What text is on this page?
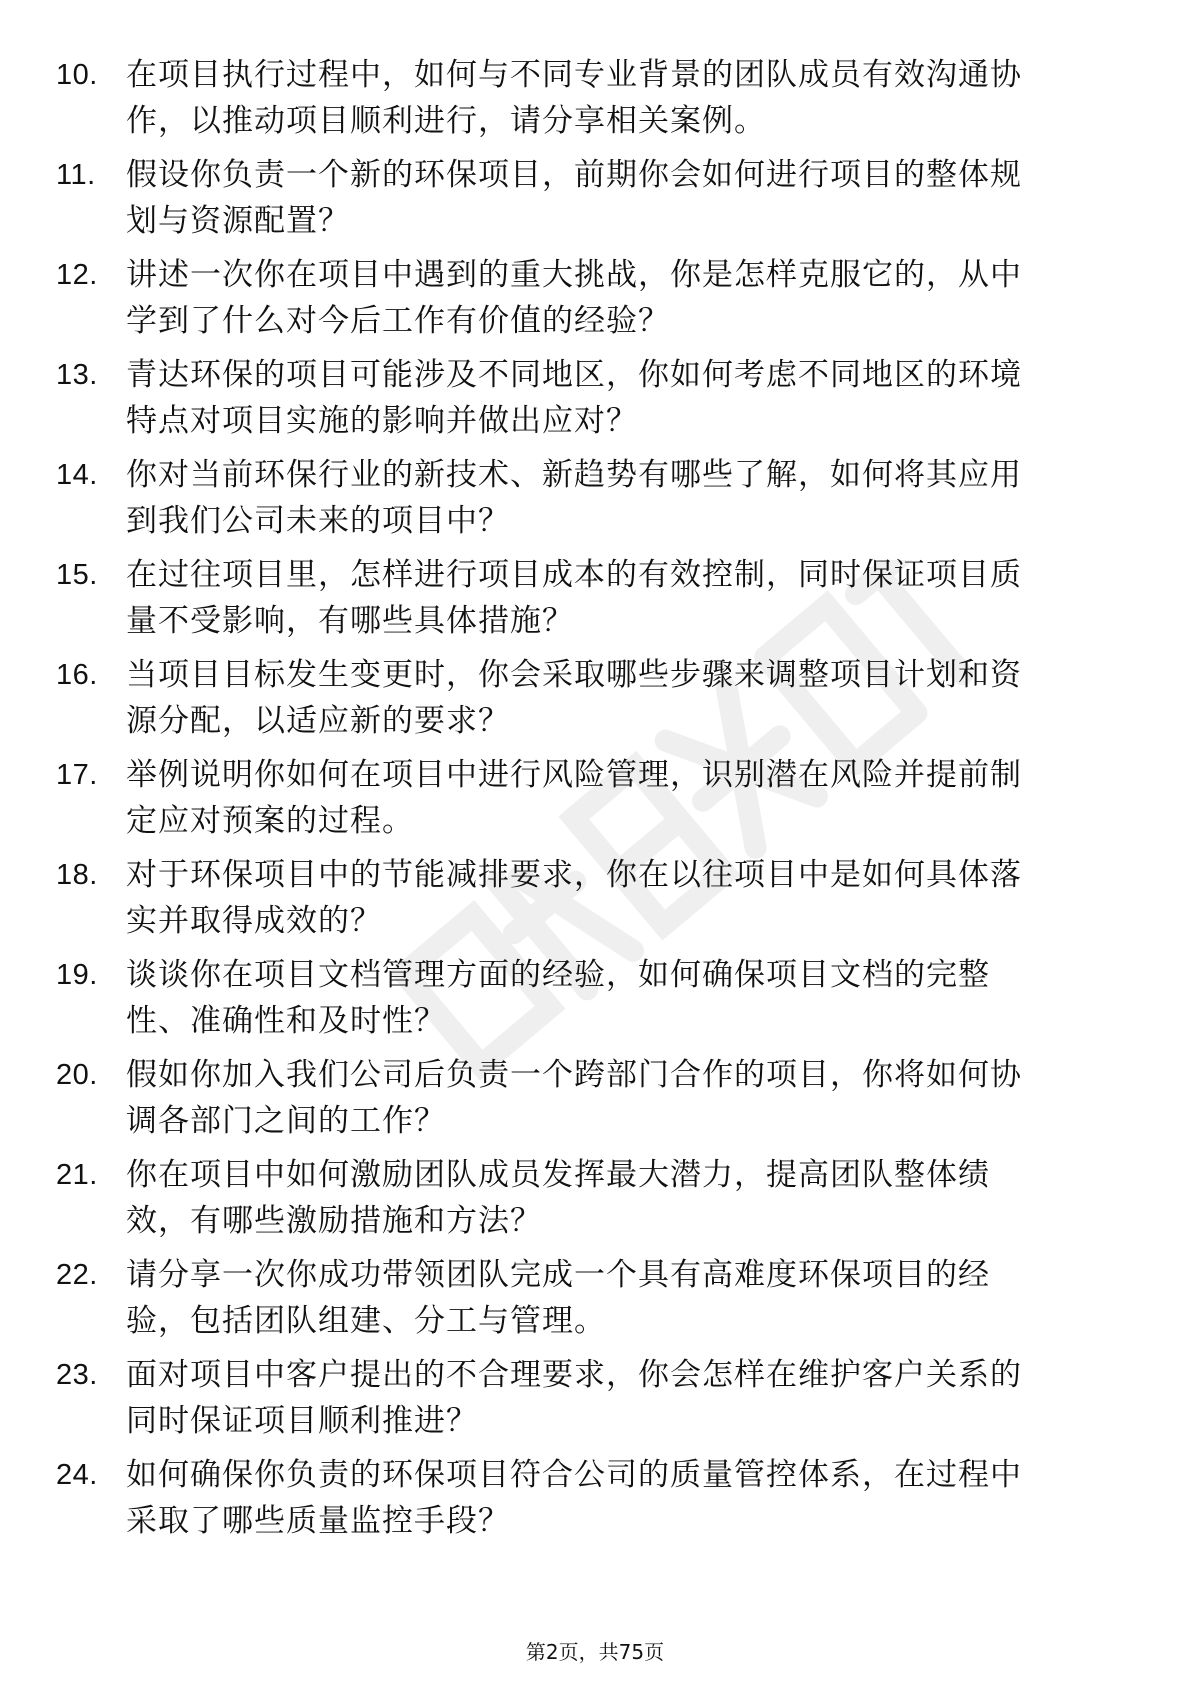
10. 在项目执行过程中，如何与不同专业背景的团队成员有效沟通协
作，以推动项目顺利进行，请分享相关案例。
11. 假设你负责一个新的环保项目，前期你会如何进行项目的整体规
划与资源配置？
12. 讲述一次你在项目中遇到的重大挑战，你是怎样克服它的，从中
学到了什么对今后工作有价值的经验？
13. 青达环保的项目可能涉及不同地区，你如何考虑不同地区的环境
特点对项目实施的影响并做出应对？
14. 你对当前环保行业的新技术、新趋势有哪些了解，如何将其应用
到我们公司未来的项目中？
15. 在过往项目里，怎样进行项目成本的有效控制，同时保证项目质
量不受影响，有哪些具体措施？
16. 当项目目标发生变更时，你会采取哪些步骤来调整项目计划和资
源分配，以适应新的要求？
17. 举例说明你如何在项目中进行风险管理，识别潜在风险并提前制
定应对预案的过程。
18. 对于环保项目中的节能减排要求，你在以往项目中是如何具体落
实并取得成效的？
19. 谈谈你在项目文档管理方面的经验，如何确保项目文档的完整
性、准确性和及时性？
20. 假如你加入我们公司后负责一个跨部门合作的项目，你将如何协
调各部门之间的工作？
21. 你在项目中如何激励团队成员发挥最大潜力，提高团队整体绩
效，有哪些激励措施和方法？
22. 请分享一次你成功带领团队完成一个具有高难度环保项目的经
验，包括团队组建、分工与管理。
23. 面对项目中客户提出的不合理要求，你会怎样在维护客户关系的
同时保证项目顺利推进？
24. 如何确保你负责的环保项目符合公司的质量管控体系，在过程中
采取了哪些质量监控手段？
第2页，共75页
